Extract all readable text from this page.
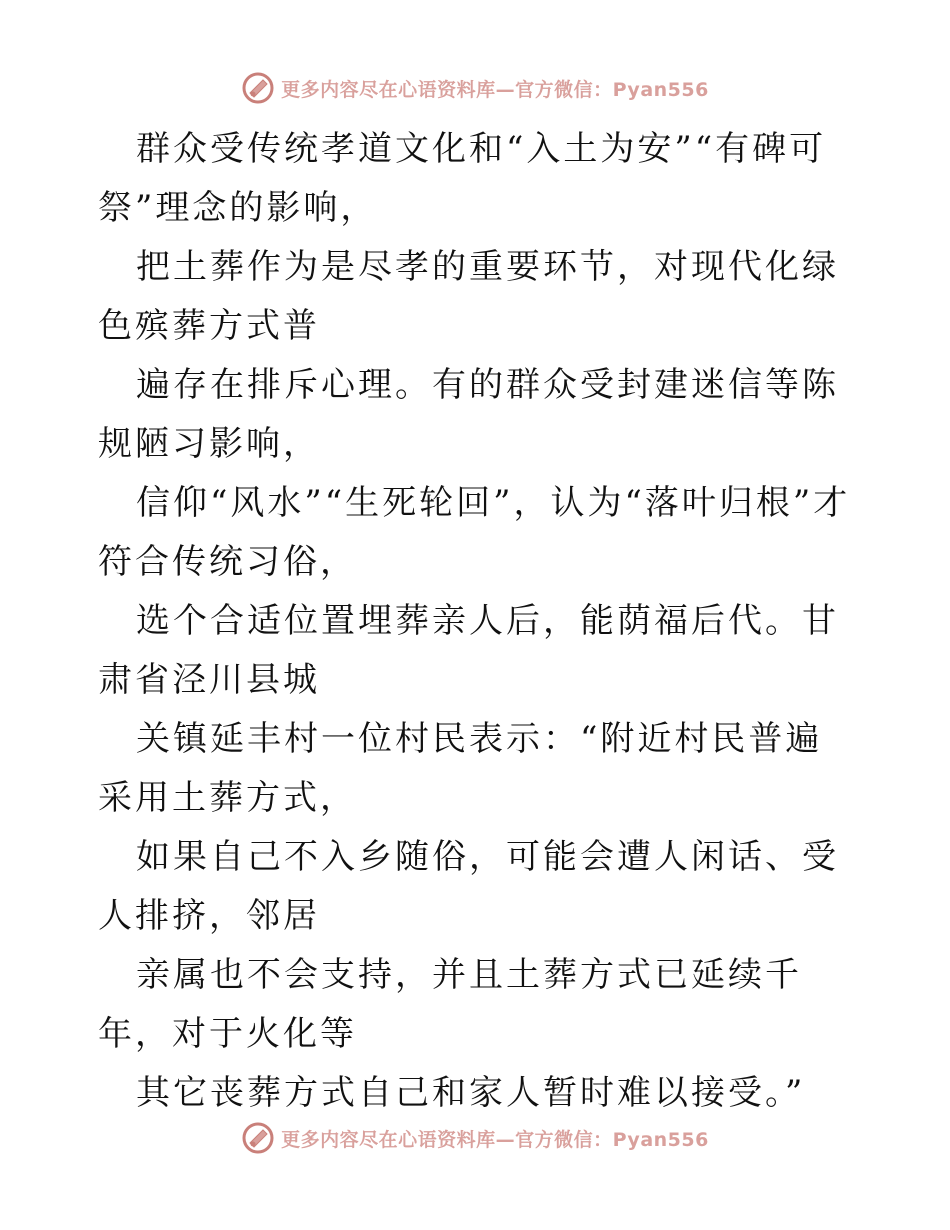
更多内容尽在心语资料库—官方微信：Pyan556

群众受传统孝道文化和“入土为安”“有碑可祭”理念的影响，

把土葬作为是尽孝的重要环节，对现代化绿色殡葬方式普

遍存在排斥心理。有的群众受封建迷信等陈规陋习影响，

信仰“风水”“生死轮回”，认为“落叶归根”才符合传统习俗，

选个合适位置埋葬亲人后，能荫福后代。甘肃省泾川县城

关镇延丰村一位村民表示：“附近村民普遍采用土葬方式，

如果自己不入乡随俗，可能会遭人闲话、受人排挤，邻居

亲属也不会支持，并且土葬方式已延续千年，对于火化等

其它丧葬方式自己和家人暂时难以接受。”

更多内容尽在心语资料库—官方微信：Pyan556
